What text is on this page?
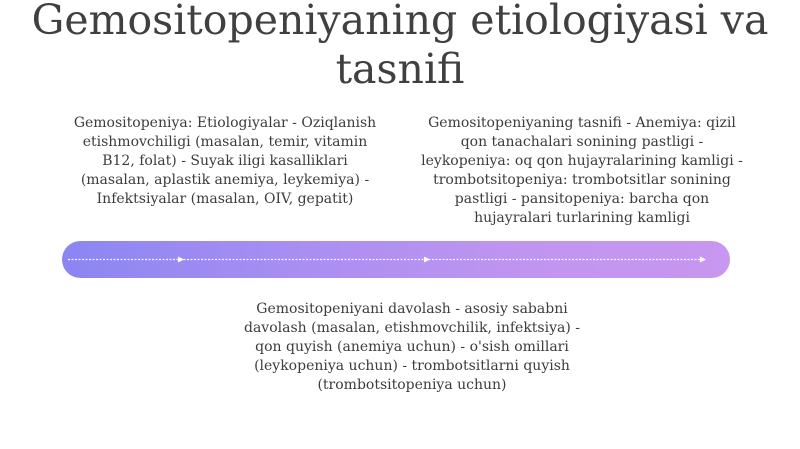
Gemositopeniyaning etiologiyasi va tasnifi

Gemositopeniya: Etiologiyalar - Oziqlanish etishmovchiligi (masalan, temir, vitamin B12, folat) - Suyak iligi kasalliklari (masalan, aplastik anemiya, leykemiya) - Infektsiyalar (masalan, OIV, gepatit)

Gemositopeniyaning tasnifi - Anemiya: qizil qon tanachalari sonining pastligi - leykopeniya: oq qon hujayralarining kamligi - trombotsitopeniya: trombotsitlar sonining pastligi - pansitopeniya: barcha qon hujayralari turlarining kamligi

Gemositopeniyani davolash - asosiy sababni davolash (masalan, etishmovchilik, infektsiya) - qon quyish (anemiya uchun) - o'sish omillari (leykopeniya uchun) - trombotsitlarni quyish (trombotsitopeniya uchun)
